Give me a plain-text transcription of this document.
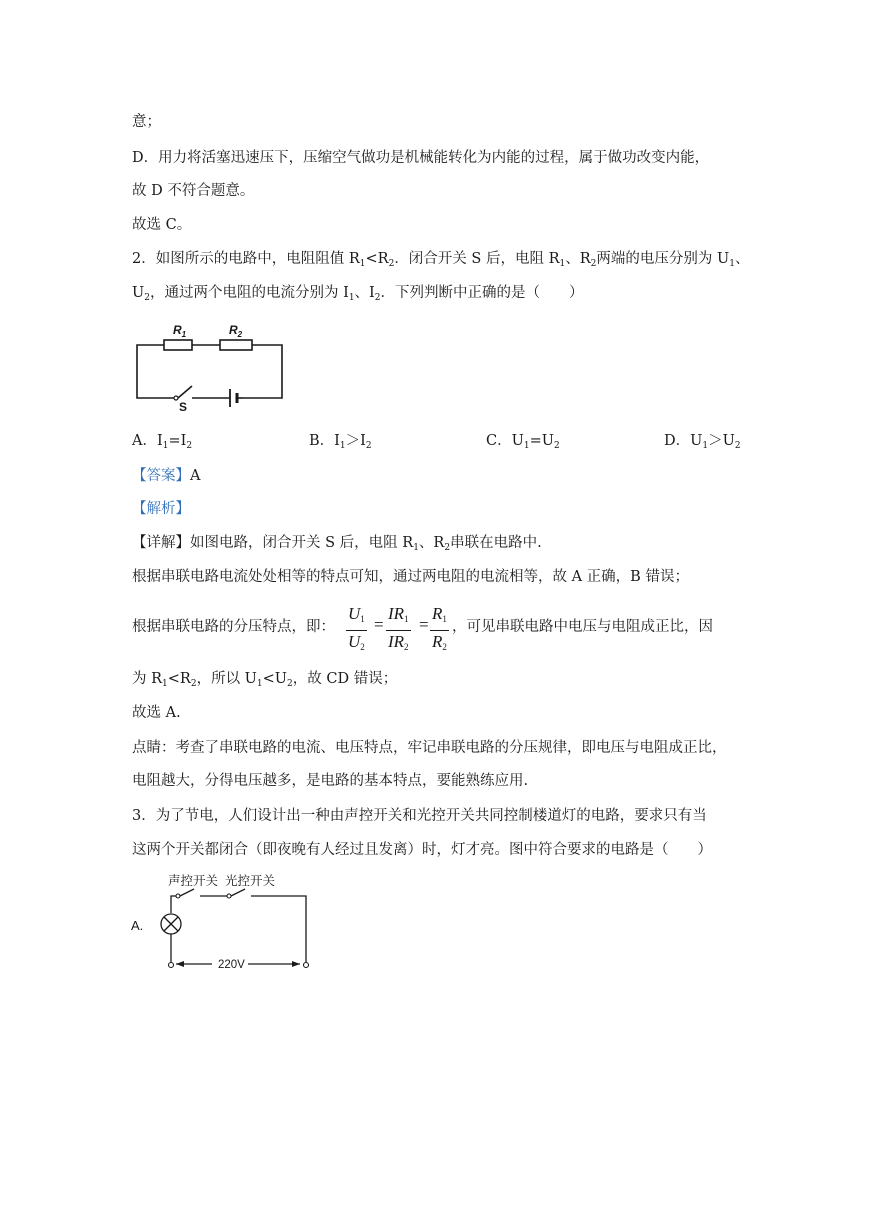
意；
D．用力将活塞迅速压下，压缩空气做功是机械能转化为内能的过程，属于做功改变内能，
故 D 不符合题意。
故选 C。
2．如图所示的电路中，电阻阻值 $R_1<R_2$．闭合开关 S 后，电阻 $R_1$、$R_2$两端的电压分别为 $U_1$、
$U_2$，通过两个电阻的电流分别为 $I_1$、$I_2$．下列判断中正确的是（　　）
$R_1$	$R_2$
S
A．$I_1=I_2$	B．$I_1>I_2$	C．$U_1=U_2$	D．$U_1>U_2$
【答案】A
【解析】
【详解】如图电路，闭合开关 S 后，电阻 $R_1$、$R_2$串联在电路中.
根据串联电路电流处处相等的特点可知，通过两电阻的电流相等，故 A 正确，B 错误；
根据串联电路的分压特点，即：
$U_1$
$U_2$
=
$IR_1$
$IR_2$
=
$R_1$
$R_2$
，可见串联电路中电压与电阻成正比，因
为 $R_1<R_2$，所以 $U_1<U_2$，故 CD 错误；
故选 A.
点睛：考查了串联电路的电流、电压特点，牢记串联电路的分压规律，即电压与电阻成正比，
电阻越大，分得电压越多，是电路的基本特点，要能熟练应用.
3．为了节电，人们设计出一种由声控开关和光控开关共同控制楼道灯的电路，要求只有当
这两个开关都闭合（即夜晚有人经过且发离）时，灯才亮。图中符合要求的电路是（　　）
A.
声控开关 光控开关
220V
